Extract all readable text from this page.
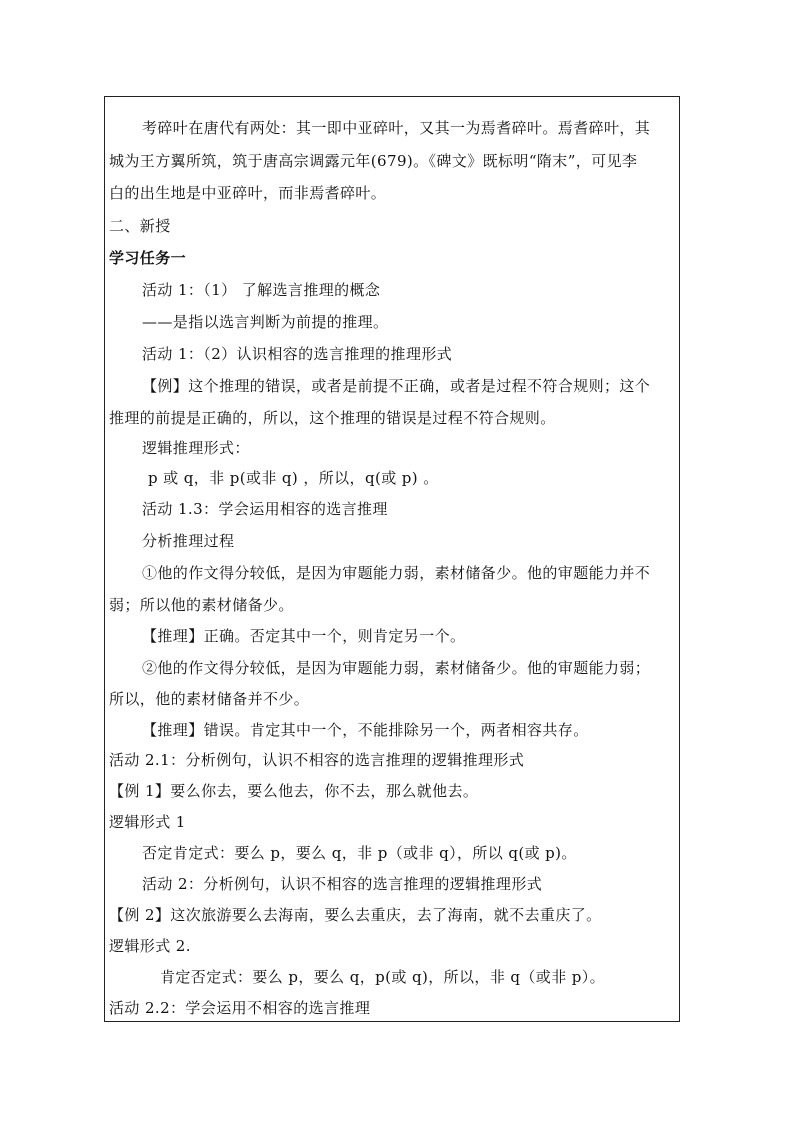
考碎叶在唐代有两处：其一即中亚碎叶，又其一为焉耆碎叶。焉耆碎叶，其
城为王方翼所筑，筑于唐高宗调露元年(679)。《碑文》既标明“隋末”，可见李
白的出生地是中亚碎叶，而非焉耆碎叶。
二、新授
学习任务一
活动 1：（1） 了解选言推理的概念
——是指以选言判断为前提的推理。
活动 1：（2）认识相容的选言推理的推理形式
【例】这个推理的错误，或者是前提不正确，或者是过程不符合规则；这个
推理的前提是正确的，所以，这个推理的错误是过程不符合规则。
逻辑推理形式：
p 或 q，非 p(或非 q) ，所以，q(或 p) 。
活动 1.3：学会运用相容的选言推理
分析推理过程
①他的作文得分较低，是因为审题能力弱，素材储备少。他的审题能力并不
弱；所以他的素材储备少。
【推理】正确。否定其中一个，则肯定另一个。
②他的作文得分较低，是因为审题能力弱，素材储备少。他的审题能力弱；
所以，他的素材储备并不少。
【推理】错误。肯定其中一个，不能排除另一个，两者相容共存。
活动 2.1：分析例句，认识不相容的选言推理的逻辑推理形式
【例 1】要么你去，要么他去，你不去，那么就他去。
逻辑形式 1
否定肯定式：要么 p，要么 q，非 p（或非 q），所以 q(或 p)。
活动 2：分析例句，认识不相容的选言推理的逻辑推理形式
【例 2】这次旅游要么去海南，要么去重庆，去了海南，就不去重庆了。
逻辑形式 2.
肯定否定式：要么 p，要么 q，p(或 q)，所以，非 q（或非 p）。
活动 2.2：学会运用不相容的选言推理
